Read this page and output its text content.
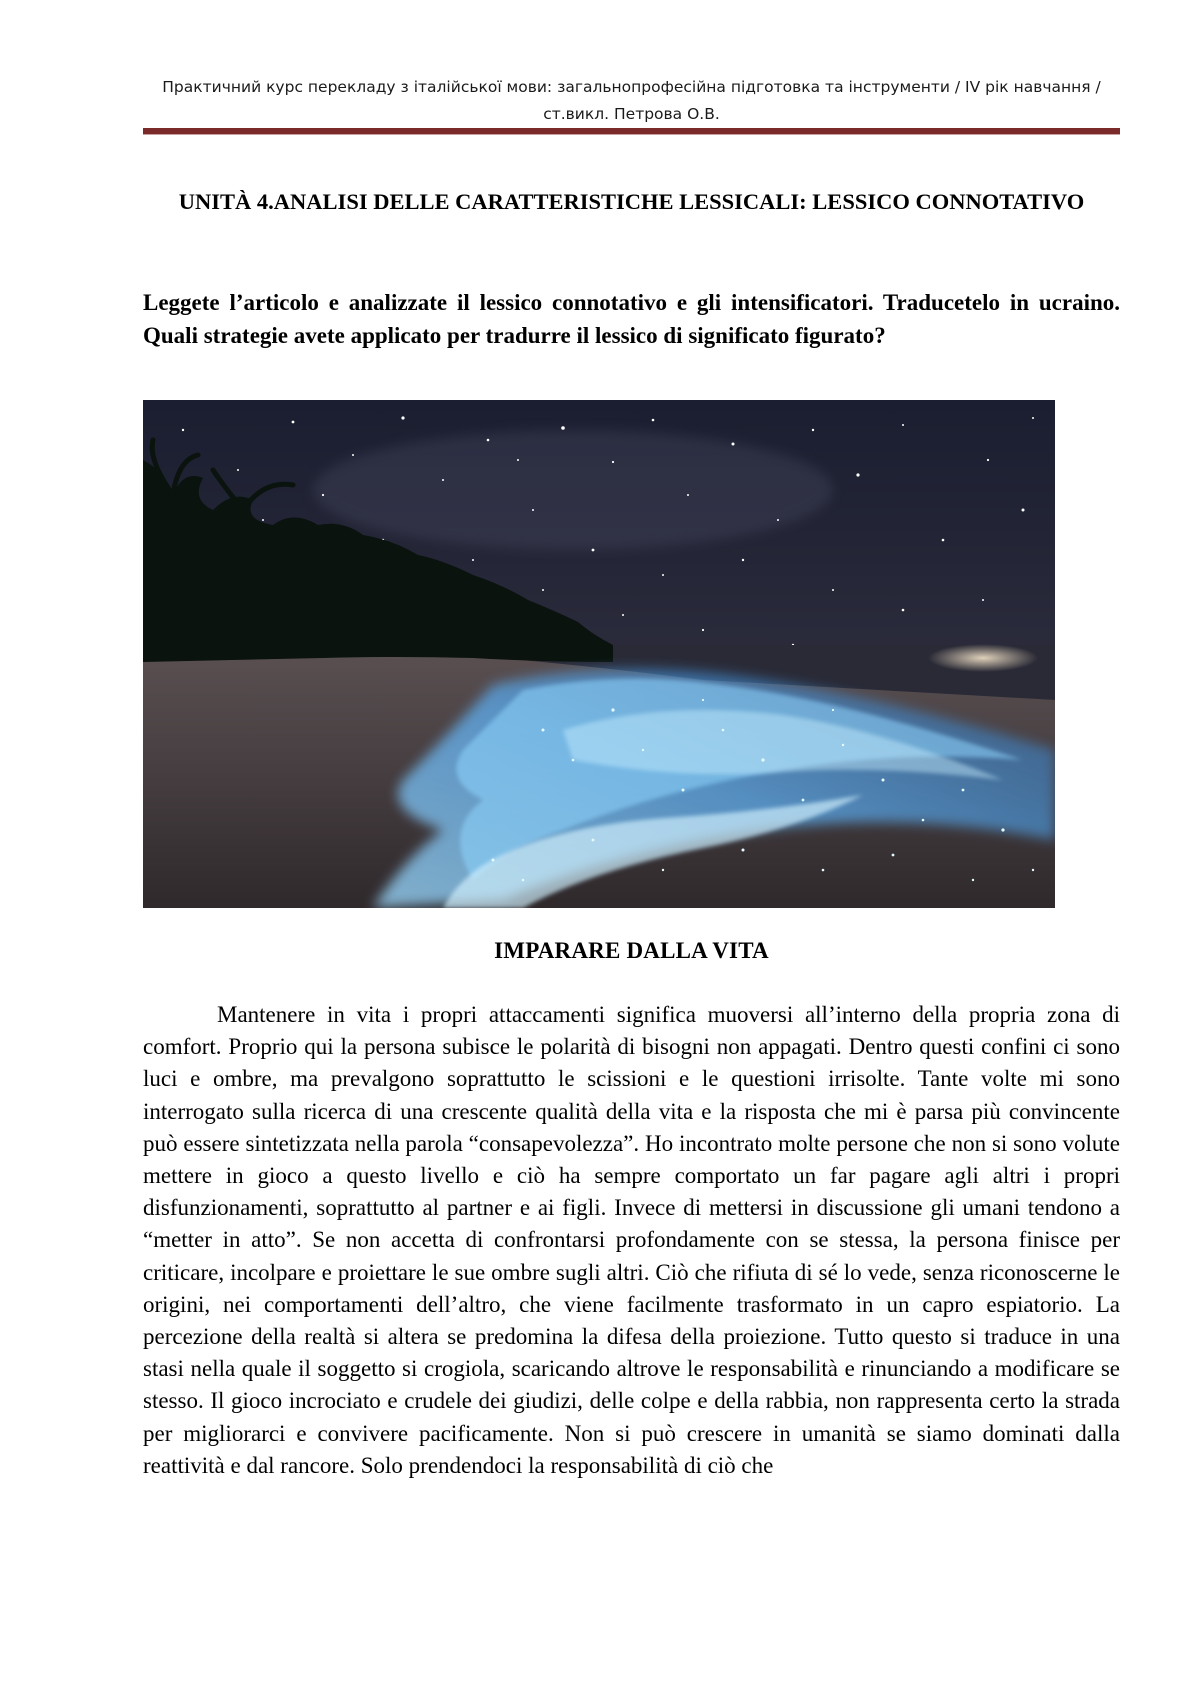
Практичний курс перекладу з італійської мови: загальнопрофесійна підготовка та інструменти / IV рік навчання / ст.викл. Петрова О.В.
UNITÀ 4.ANALISI DELLE CARATTERISTICHE LESSICALI: LESSICO CONNOTATIVO
Leggete l’articolo e analizzate il lessico connotativo e gli intensificatori. Traducetelo in ucraino. Quali strategie avete applicato per tradurre il lessico di significato figurato?
IMPARARE DALLA VITA
Mantenere in vita i propri attaccamenti significa muoversi all’interno della propria zona di comfort. Proprio qui la persona subisce le polarità di bisogni non appagati. Dentro questi confini ci sono luci e ombre, ma prevalgono soprattutto le scissioni e le questioni irrisolte. Tante volte mi sono interrogato sulla ricerca di una crescente qualità della vita e la risposta che mi è parsa più convincente può essere sintetizzata nella parola “consapevolezza”. Ho incontrato molte persone che non si sono volute mettere in gioco a questo livello e ciò ha sempre comportato un far pagare agli altri i propri disfunzionamenti, soprattutto al partner e ai figli. Invece di mettersi in discussione gli umani tendono a “metter in atto”. Se non accetta di confrontarsi profondamente con se stessa, la persona finisce per criticare, incolpare e proiettare le sue ombre sugli altri. Ciò che rifiuta di sé lo vede, senza riconoscerne le origini, nei comportamenti dell’altro, che viene facilmente trasformato in un capro espiatorio. La percezione della realtà si altera se predomina la difesa della proiezione. Tutto questo si traduce in una stasi nella quale il soggetto si crogiola, scaricando altrove le responsabilità e rinunciando a modificare se stesso. Il gioco incrociato e crudele dei giudizi, delle colpe e della rabbia, non rappresenta certo la strada per migliorarci e convivere pacificamente. Non si può crescere in umanità se siamo dominati dalla reattività e dal rancore. Solo prendendoci la responsabilità di ciò che
